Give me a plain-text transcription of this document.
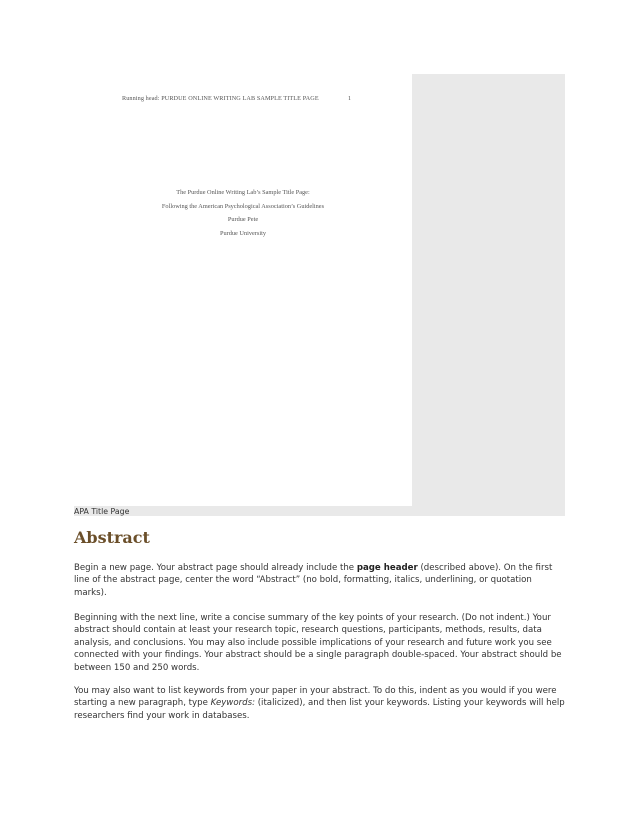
Running head: PURDUE ONLINE WRITING LAB SAMPLE TITLE PAGE	1
The Purdue Online Writing Lab’s Sample Title Page:
Following the American Psychological Association’s Guidelines
Purdue Pete
Purdue University
APA Title Page
Abstract
Begin a new page. Your abstract page should already include the page header (described above). On the first line of the abstract page, center the word “Abstract” (no bold, formatting, italics, underlining, or quotation marks).
Beginning with the next line, write a concise summary of the key points of your research. (Do not indent.) Your abstract should contain at least your research topic, research questions, participants, methods, results, data analysis, and conclusions. You may also include possible implications of your research and future work you see connected with your findings. Your abstract should be a single paragraph double-spaced. Your abstract should be between 150 and 250 words.
You may also want to list keywords from your paper in your abstract. To do this, indent as you would if you were starting a new paragraph, type Keywords: (italicized), and then list your keywords. Listing your keywords will help researchers find your work in databases.
